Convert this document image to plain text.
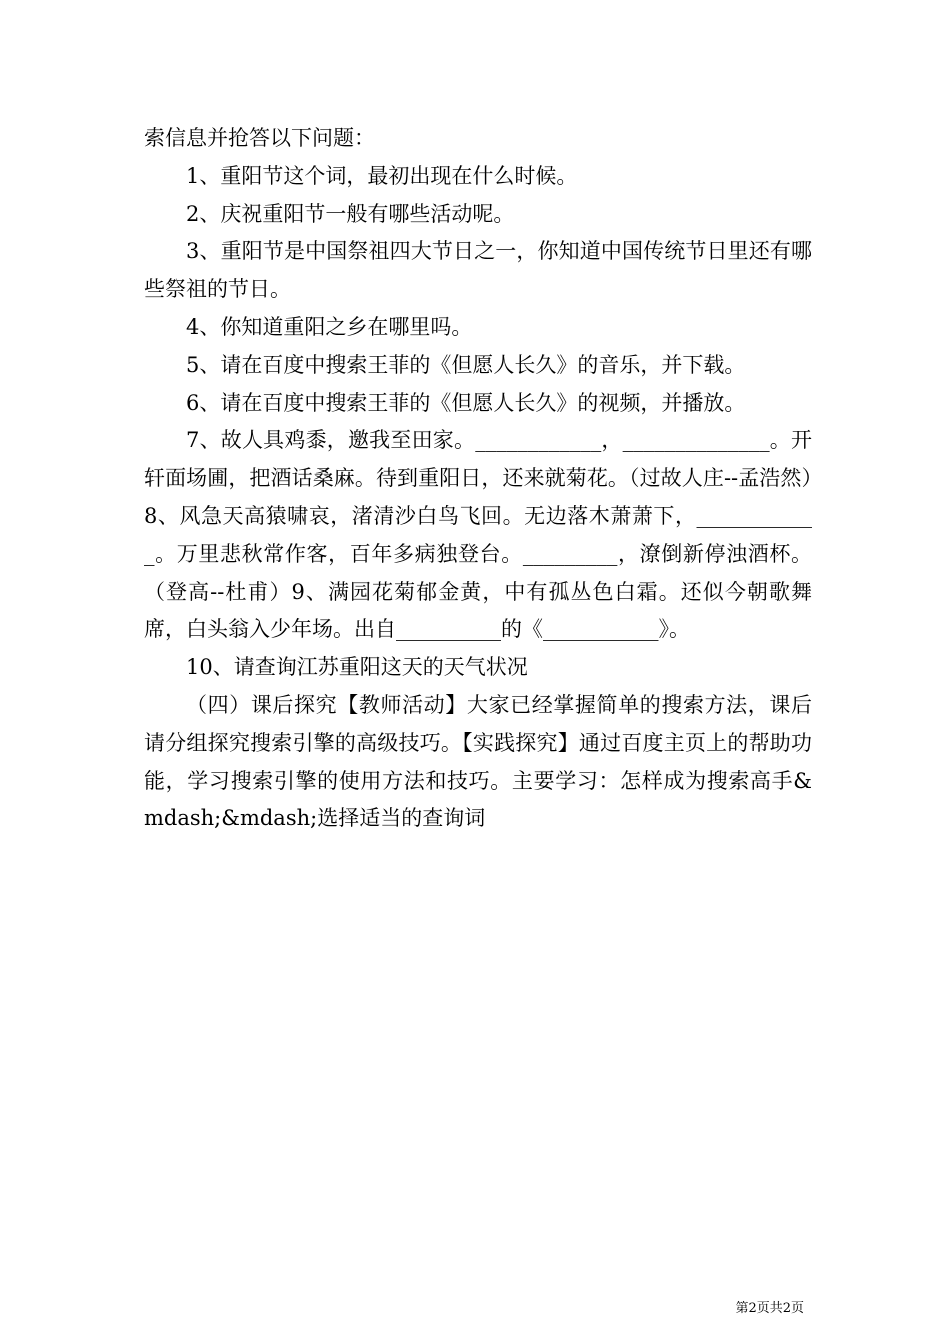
索信息并抢答以下问题：

1、重阳节这个词，最初出现在什么时候。

2、庆祝重阳节一般有哪些活动呢。

3、重阳节是中国祭祖四大节日之一，你知道中国传统节日里还有哪些祭祖的节日。

4、你知道重阳之乡在哪里吗。

5、请在百度中搜索王菲的《但愿人长久》的音乐，并下载。

6、请在百度中搜索王菲的《但愿人长久》的视频，并播放。

7、故人具鸡黍，邀我至田家。____________，______________。开轩面场圃，把酒话桑麻。待到重阳日，还来就菊花。（过故人庄--孟浩然）8、风急天高猿啸哀，渚清沙白鸟飞回。无边落木萧萧下，____________。万里悲秋常作客，百年多病独登台。_________，潦倒新停浊酒杯。（登高--杜甫）9、满园花菊郁金黄，中有孤丛色白霜。还似今朝歌舞席，白头翁入少年场。出自__________的《___________》。

10、请查询江苏重阳这天的天气状况

（四）课后探究【教师活动】大家已经掌握简单的搜索方法，课后请分组探究搜索引擎的高级技巧。【实践探究】通过百度主页上的帮助功能，学习搜索引擎的使用方法和技巧。主要学习：怎样成为搜索高手&mdash;&mdash;选择适当的查询词

第2页共2页
